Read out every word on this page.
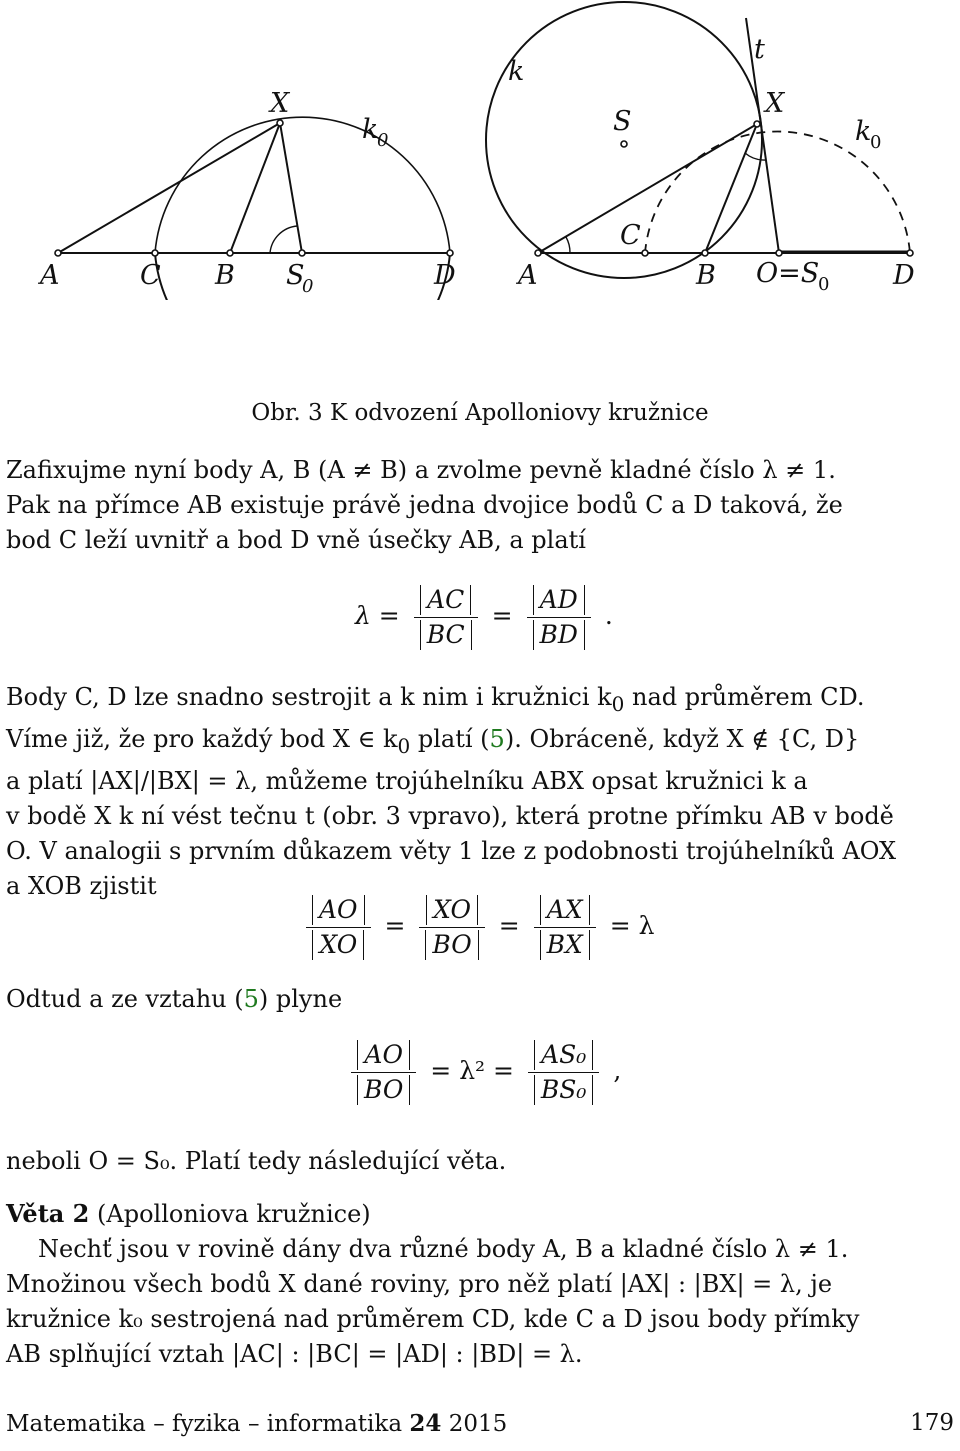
A	C B S
0	D
X
k
0
A
C
B O=S
0 D
X
k
0
k
S
t
Obr. 3 K odvození Apolloniovy kružnice

Zafixujme nyní body A, B (A ≠ B) a zvolme pevně kladné číslo λ ≠ 1.

Pak na přímce AB existuje právě jedna dvojice bodů C a D taková, že

bod C leží uvnitř a bod D vně úsečky AB, a platí

$\lambda = \frac{AC}{BC} = \frac{AD}{BD}$ .

Body C, D lze snadno sestrojit a k nim i kružnici $k_0$ nad průměrem CD.

Víme již, že pro každý bod X ∈ $k_0$ platí (5). Obráceně, když X ∉ {C, D}

a platí |AX|/|BX| = λ, můžeme trojúhelníku ABX opsat kružnici k a

v bodě X k ní vést tečnu t (obr. 3 vpravo), která protne přímku AB v bodě

O. V analogii s prvním důkazem věty 1 lze z podobnosti trojúhelníků AOX

a XOB zjistit

$\frac{AO}{XO} = \frac{XO}{BO} = \frac{AX}{BX} = \lambda$

Odtud a ze vztahu (5) plyne

$\frac{AO}{BO} = \lambda^2 = \frac{\text{AS₀}}{\text{BS₀}}$ ,

neboli O = S₀. Platí tedy následující věta.

Věta 2 (Apolloniova kružnice)

Nechť jsou v rovině dány dva různé body A, B a kladné číslo λ ≠ 1.

Množinou všech bodů X dané roviny, pro něž platí |AX| : |BX| = λ, je

kružnice k₀ sestrojená nad průměrem CD, kde C a D jsou body přímky

AB splňující vztah |AC| : |BC| = |AD| : |BD| = λ.

Matematika – fyzika – informatika 24 2015	179
